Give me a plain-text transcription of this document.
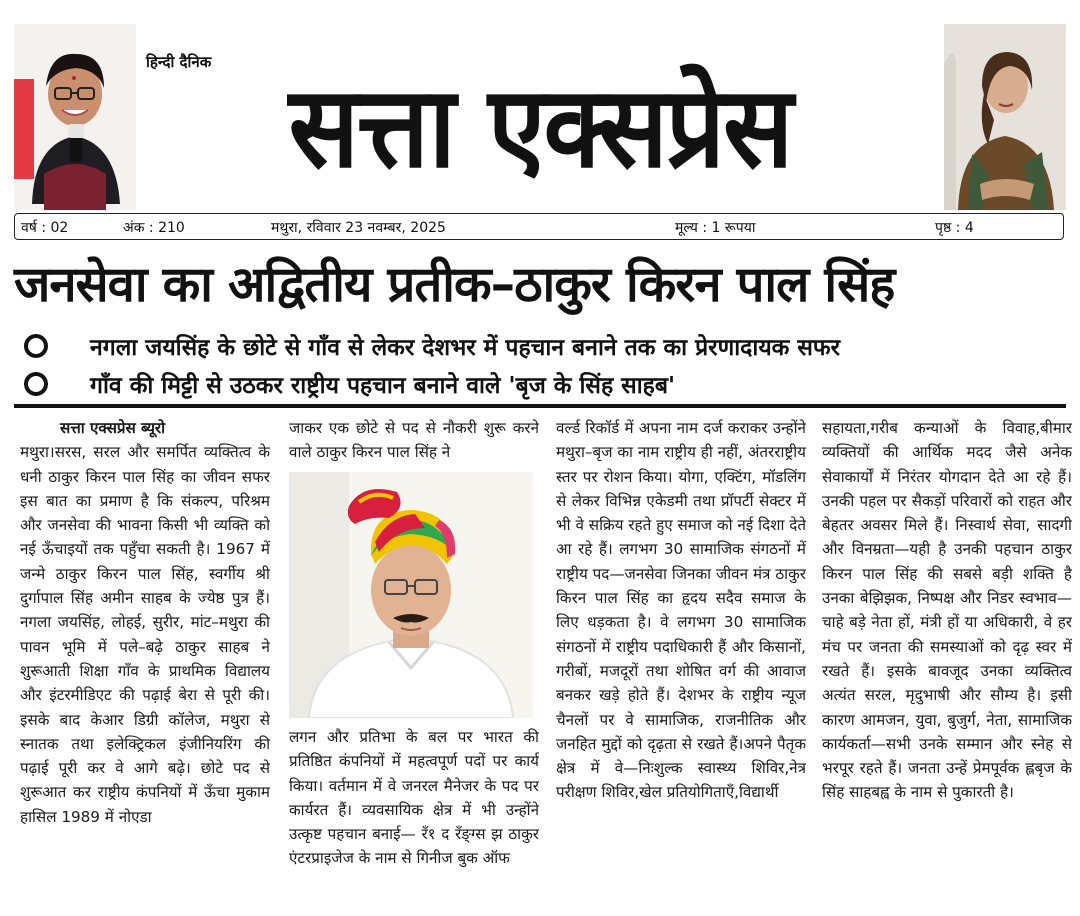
हिन्दी दैनिक सत्ता एक्सप्रेस
वर्ष : 02	अंक : 210	मथुरा, रविवार 23 नवम्बर, 2025	मूल्य : 1 रूपया	पृष्ठ : 4
जनसेवा का अद्वितीय प्रतीक–ठाकुर किरन पाल सिंह
नगला जयसिंह के छोटे से गाँव से लेकर देशभर में पहचान बनाने तक का प्रेरणादायक सफर
गाँव की मिट्टी से उठकर राष्ट्रीय पहचान बनाने वाले 'बृज के सिंह साहब'
सत्ता एक्सप्रेस ब्यूरो
मथुरा।सरस, सरल और समर्पित व्यक्तित्व के धनी ठाकुर किरन पाल सिंह का जीवन सफर इस बात का प्रमाण है कि संकल्प, परिश्रम और जनसेवा की भावना किसी भी व्यक्ति को नई ऊँचाइयों तक पहुँचा सकती है। 1967 में जन्मे ठाकुर किरन पाल सिंह, स्वर्गीय श्री दुर्गापाल सिंह अमीन साहब के ज्येष्ठ पुत्र हैं। नगला जयसिंह, लोहई, सुरीर, मांट–मथुरा की पावन भूमि में पले–बढ़े ठाकुर साहब ने शुरूआती शिक्षा गाँव के प्राथमिक विद्यालय और इंटरमीडिएट की पढ़ाई बेरा से पूरी की। इसके बाद केआर डिग्री कॉलेज, मथुरा से स्नातक तथा इलेक्ट्रिकल इंजीनियरिंग की पढ़ाई पूरी कर वे आगे बढ़े। छोटे पद से शुरूआत कर राष्ट्रीय कंपनियों में ऊँचा मुकाम हासिल 1989 में नोएडा
जाकर एक छोटे से पद से नौकरी शुरू करने वाले ठाकुर किरन पाल सिंह ने
लगन और प्रतिभा के बल पर भारत की प्रतिष्ठित कंपनियों में महत्वपूर्ण पदों पर कार्य किया। वर्तमान में वे जनरल मैनेजर के पद पर कार्यरत हैं। व्यवसायिक क्षेत्र में भी उन्होंने उत्कृष्ट पहचान बनाई— रँ१ द रँङ्ग्स झ ठाकुर एंटरप्राइजेज के नाम से गिनीज बुक ऑफ
वर्ल्ड रिकॉर्ड में अपना नाम दर्ज कराकर उन्होंने मथुरा–बृज का नाम राष्ट्रीय ही नहीं, अंतरराष्ट्रीय स्तर पर रोशन किया। योगा, एक्टिंग, मॉडलिंग से लेकर विभिन्न एकेडमी तथा प्रॉपर्टी सेक्टर में भी वे सक्रिय रहते हुए समाज को नई दिशा देते आ रहे हैं। लगभग 30 सामाजिक संगठनों में राष्ट्रीय पद—जनसेवा जिनका जीवन मंत्र ठाकुर किरन पाल सिंह का हृदय सदैव समाज के लिए धड़कता है। वे लगभग 30 सामाजिक संगठनों में राष्ट्रीय पदाधिकारी हैं और किसानों, गरीबों, मजदूरों तथा शोषित वर्ग की आवाज बनकर खड़े होते हैं। देशभर के राष्ट्रीय न्यूज चैनलों पर वे सामाजिक, राजनीतिक और जनहित मुद्दों को दृढ़ता से रखते हैं।अपने पैतृक क्षेत्र में वे—निःशुल्क स्वास्थ्य शिविर,नेत्र परीक्षण शिविर,खेल प्रतियोगिताएँ,विद्यार्थी
सहायता,गरीब कन्याओं के विवाह,बीमार व्यक्तियों की आर्थिक मदद जैसे अनेक सेवाकार्यों में निरंतर योगदान देते आ रहे हैं। उनकी पहल पर सैकड़ों परिवारों को राहत और बेहतर अवसर मिले हैं। निस्वार्थ सेवा, सादगी और विनम्रता—यही है उनकी पहचान ठाकुर किरन पाल सिंह की सबसे बड़ी शक्ति है उनका बेझिझक, निष्पक्ष और निडर स्वभाव—चाहे बड़े नेता हों, मंत्री हों या अधिकारी, वे हर मंच पर जनता की समस्याओं को दृढ़ स्वर में रखते हैं। इसके बावजूद उनका व्यक्तित्व अत्यंत सरल, मृदुभाषी और सौम्य है। इसी कारण आमजन, युवा, बुजुर्ग, नेता, सामाजिक कार्यकर्ता—सभी उनके सम्मान और स्नेह से भरपूर रहते हैं। जनता उन्हें प्रेमपूर्वक ह्लबृज के सिंह साहबह्व के नाम से पुकारती है।
